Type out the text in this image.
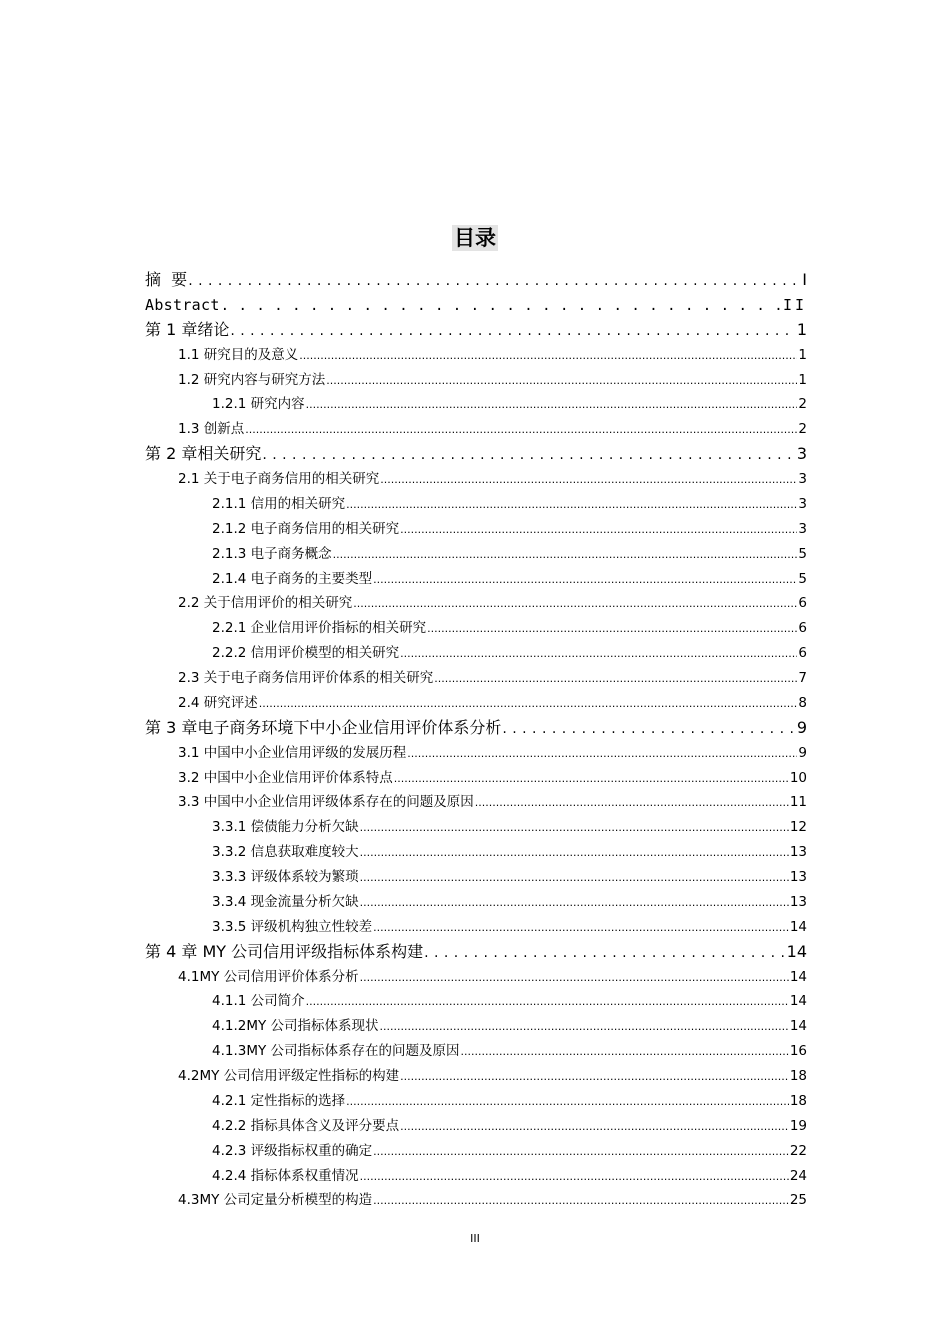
目录
摘  要 . . .	I
Abstract . . .	II
第 1 章绪论 . . .	1
1.1 研究目的及意义 .....	1
1.2 研究内容与研究方法 .....	1
1.2.1 研究内容 .....	2
1.3 创新点 .....	2
第 2 章相关研究 . . .	3
2.1 关于电子商务信用的相关研究 .....	3
2.1.1 信用的相关研究 .....	3
2.1.2 电子商务信用的相关研究 .....	3
2.1.3 电子商务概念 .....	5
2.1.4 电子商务的主要类型 .....	5
2.2 关于信用评价的相关研究 .....	6
2.2.1 企业信用评价指标的相关研究 .....	6
2.2.2 信用评价模型的相关研究 .....	6
2.3 关于电子商务信用评价体系的相关研究 .....	7
2.4 研究评述 .....	8
第 3 章电子商务环境下中小企业信用评价体系分析 . . .	9
3.1 中国中小企业信用评级的发展历程 .....	9
3.2 中国中小企业信用评价体系特点 .....	10
3.3 中国中小企业信用评级体系存在的问题及原因 .....	11
3.3.1 偿债能力分析欠缺 .....	12
3.3.2 信息获取难度较大 .....	13
3.3.3 评级体系较为繁琐 .....	13
3.3.4 现金流量分析欠缺 .....	13
3.3.5 评级机构独立性较差 .....	14
第 4 章 MY 公司信用评级指标体系构建 . . .	14
4.1MY 公司信用评价体系分析 .....	14
4.1.1 公司简介 .....	14
4.1.2MY 公司指标体系现状 .....	14
4.1.3MY 公司指标体系存在的问题及原因 .....	16
4.2MY 公司信用评级定性指标的构建 .....	18
4.2.1 定性指标的选择 .....	18
4.2.2 指标具体含义及评分要点 .....	19
4.2.3 评级指标权重的确定 .....	22
4.2.4 指标体系权重情况 .....	24
4.3MY 公司定量分析模型的构造 .....	25
III
